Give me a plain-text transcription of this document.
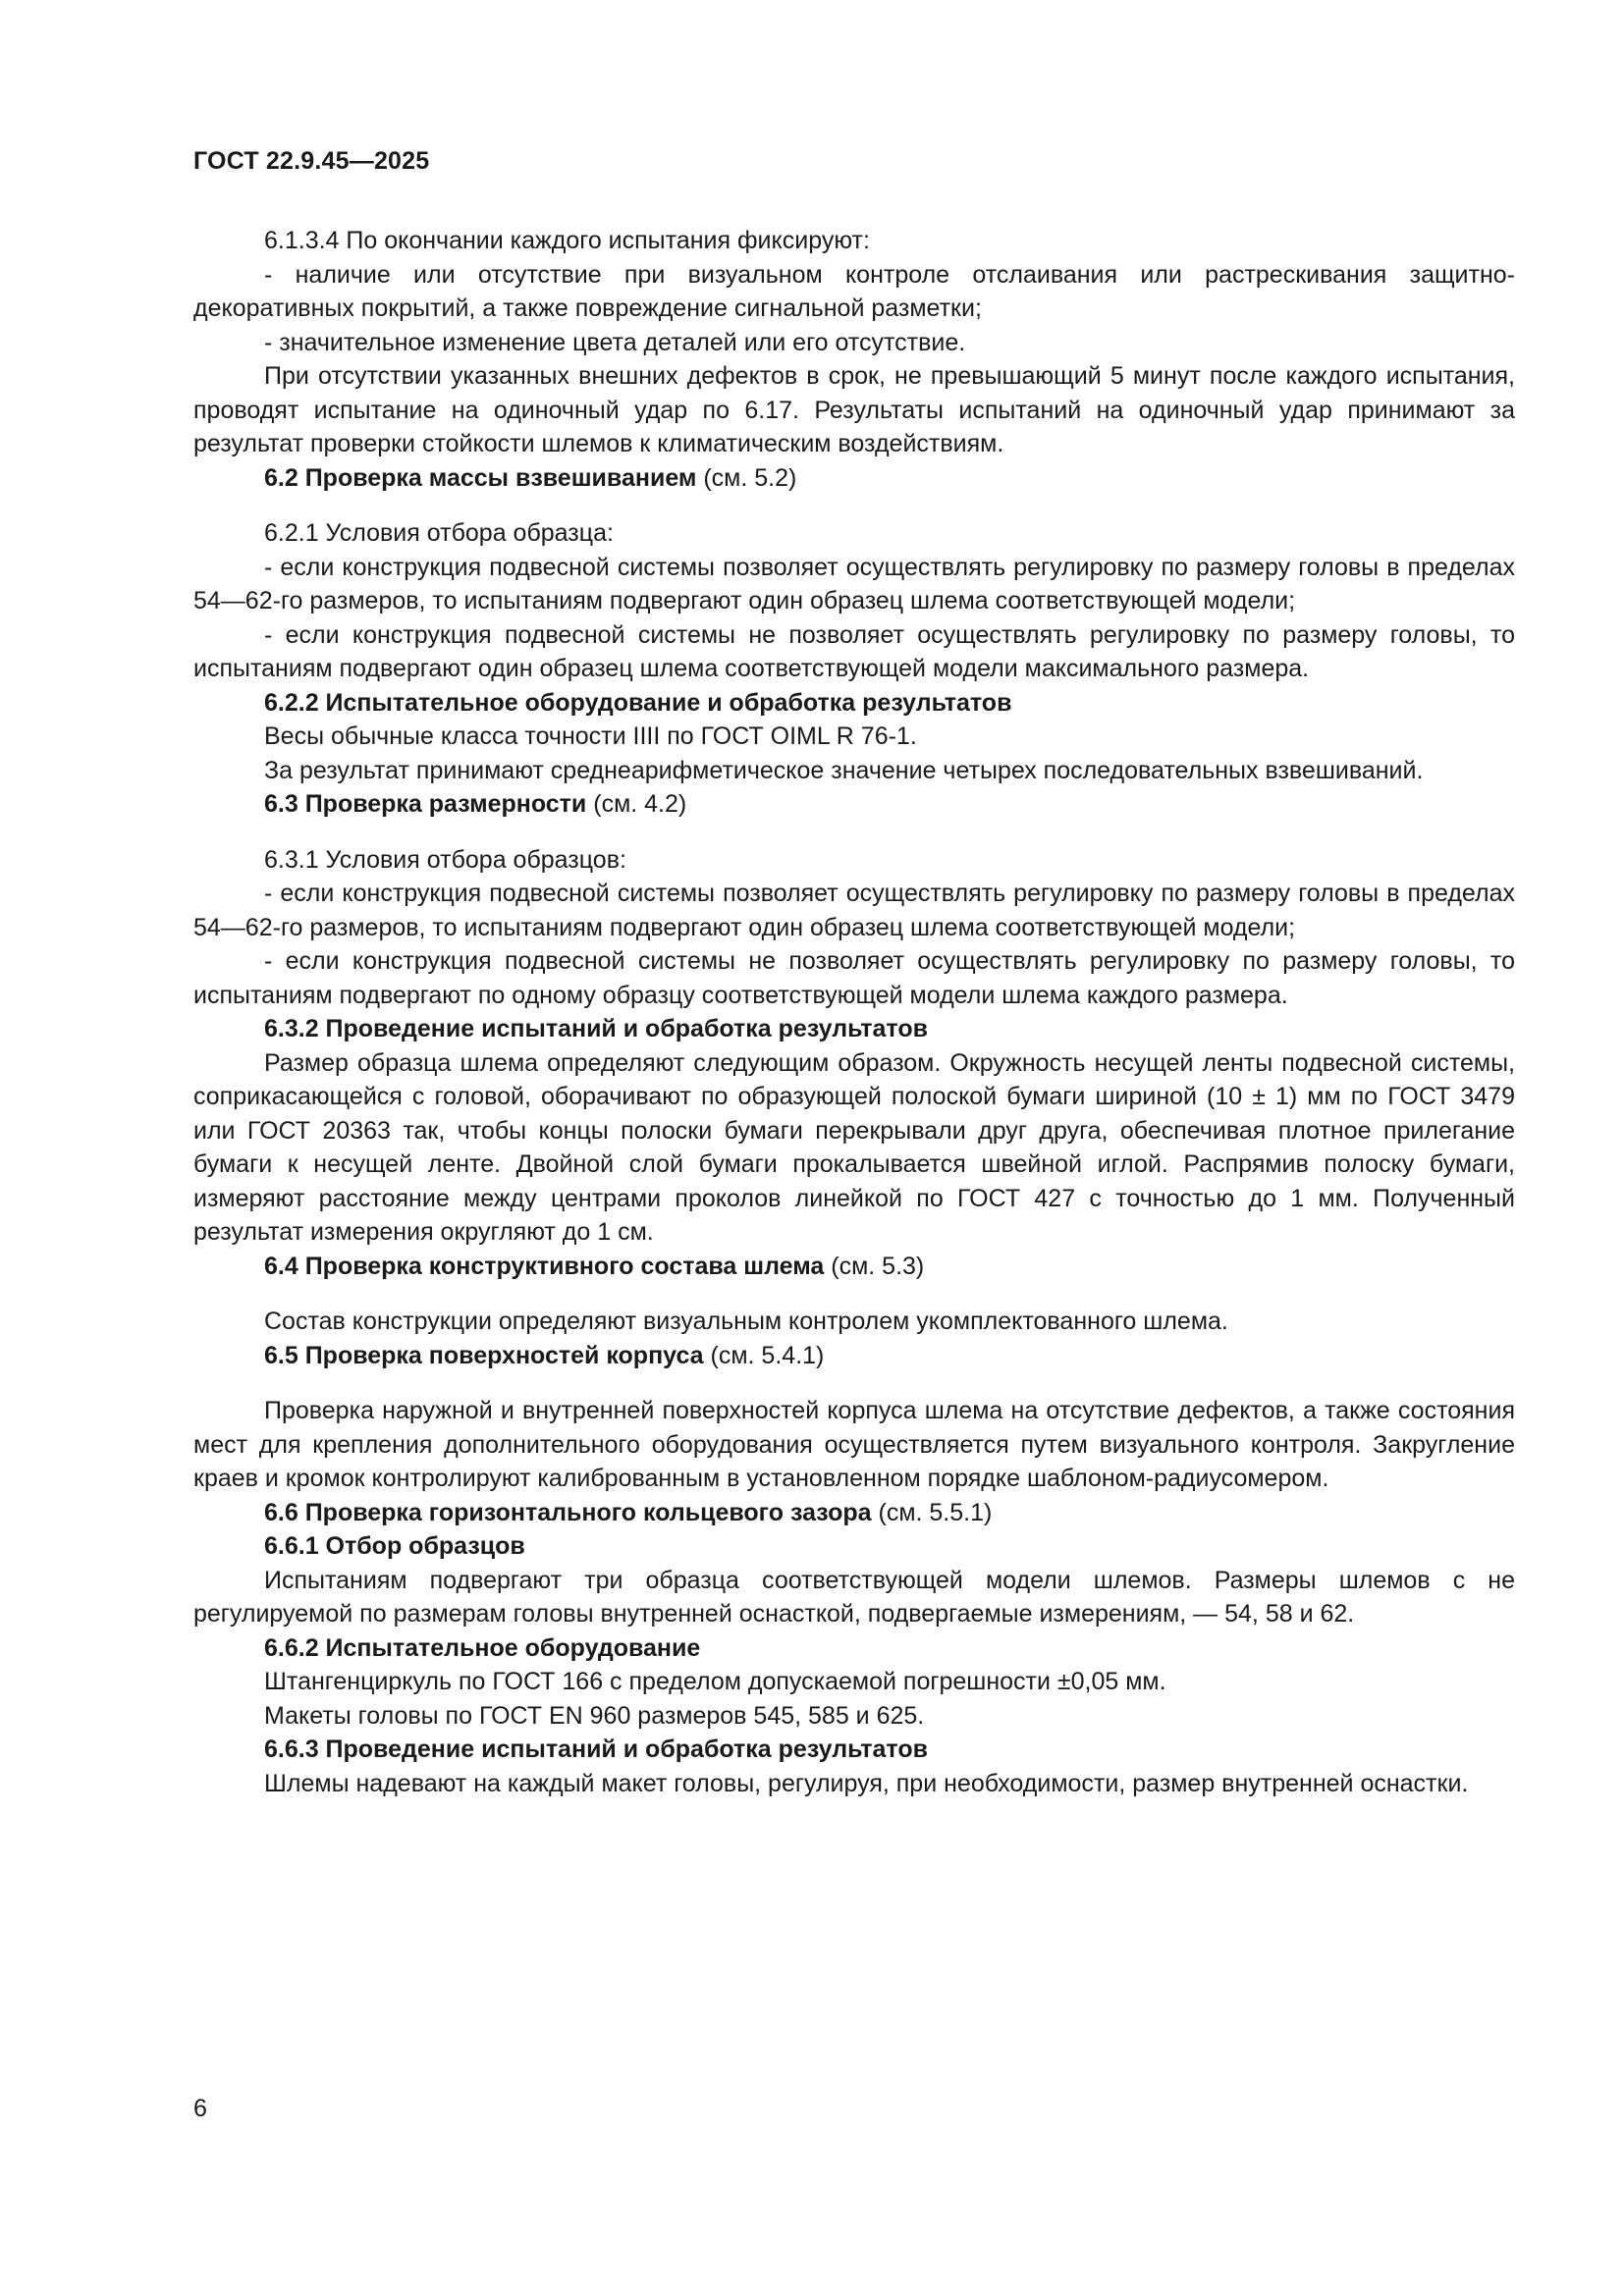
ГОСТ 22.9.45—2025

6.1.3.4 По окончании каждого испытания фиксируют:

- наличие или отсутствие при визуальном контроле отслаивания или растрескивания защитно-декоративных покрытий, а также повреждение сигнальной разметки;

- значительное изменение цвета деталей или его отсутствие.

При отсутствии указанных внешних дефектов в срок, не превышающий 5 минут после каждого испытания, проводят испытание на одиночный удар по 6.17. Результаты испытаний на одиночный удар принимают за результат проверки стойкости шлемов к климатическим воздействиям.

6.2 Проверка массы взвешиванием (см. 5.2)

6.2.1 Условия отбора образца:

- если конструкция подвесной системы позволяет осуществлять регулировку по размеру головы в пределах 54—62-го размеров, то испытаниям подвергают один образец шлема соответствующей модели;

- если конструкция подвесной системы не позволяет осуществлять регулировку по размеру головы, то испытаниям подвергают один образец шлема соответствующей модели максимального размера.

6.2.2 Испытательное оборудование и обработка результатов

Весы обычные класса точности IIII по ГОСТ OIML R 76-1.

За результат принимают среднеарифметическое значение четырех последовательных взвешиваний.

6.3 Проверка размерности (см. 4.2)

6.3.1 Условия отбора образцов:

- если конструкция подвесной системы позволяет осуществлять регулировку по размеру головы в пределах 54—62-го размеров, то испытаниям подвергают один образец шлема соответствующей модели;

- если конструкция подвесной системы не позволяет осуществлять регулировку по размеру головы, то испытаниям подвергают по одному образцу соответствующей модели шлема каждого размера.

6.3.2 Проведение испытаний и обработка результатов

Размер образца шлема определяют следующим образом. Окружность несущей ленты подвесной системы, соприкасающейся с головой, оборачивают по образующей полоской бумаги шириной (10 ± 1) мм по ГОСТ 3479 или ГОСТ 20363 так, чтобы концы полоски бумаги перекрывали друг друга, обеспечивая плотное прилегание бумаги к несущей ленте. Двойной слой бумаги прокалывается швейной иглой. Распрямив полоску бумаги, измеряют расстояние между центрами проколов линейкой по ГОСТ 427 с точностью до 1 мм. Полученный результат измерения округляют до 1 см.

6.4 Проверка конструктивного состава шлема (см. 5.3)

Состав конструкции определяют визуальным контролем укомплектованного шлема.

6.5 Проверка поверхностей корпуса (см. 5.4.1)

Проверка наружной и внутренней поверхностей корпуса шлема на отсутствие дефектов, а также состояния мест для крепления дополнительного оборудования осуществляется путем визуального контроля. Закругление краев и кромок контролируют калиброванным в установленном порядке шаблоном-радиусомером.

6.6 Проверка горизонтального кольцевого зазора (см. 5.5.1)

6.6.1 Отбор образцов

Испытаниям подвергают три образца соответствующей модели шлемов. Размеры шлемов с не регулируемой по размерам головы внутренней оснасткой, подвергаемые измерениям, — 54, 58 и 62.

6.6.2 Испытательное оборудование

Штангенциркуль по ГОСТ 166 с пределом допускаемой погрешности ±0,05 мм.

Макеты головы по ГОСТ EN 960 размеров 545, 585 и 625.

6.6.3 Проведение испытаний и обработка результатов

Шлемы надевают на каждый макет головы, регулируя, при необходимости, размер внутренней оснастки.

6
